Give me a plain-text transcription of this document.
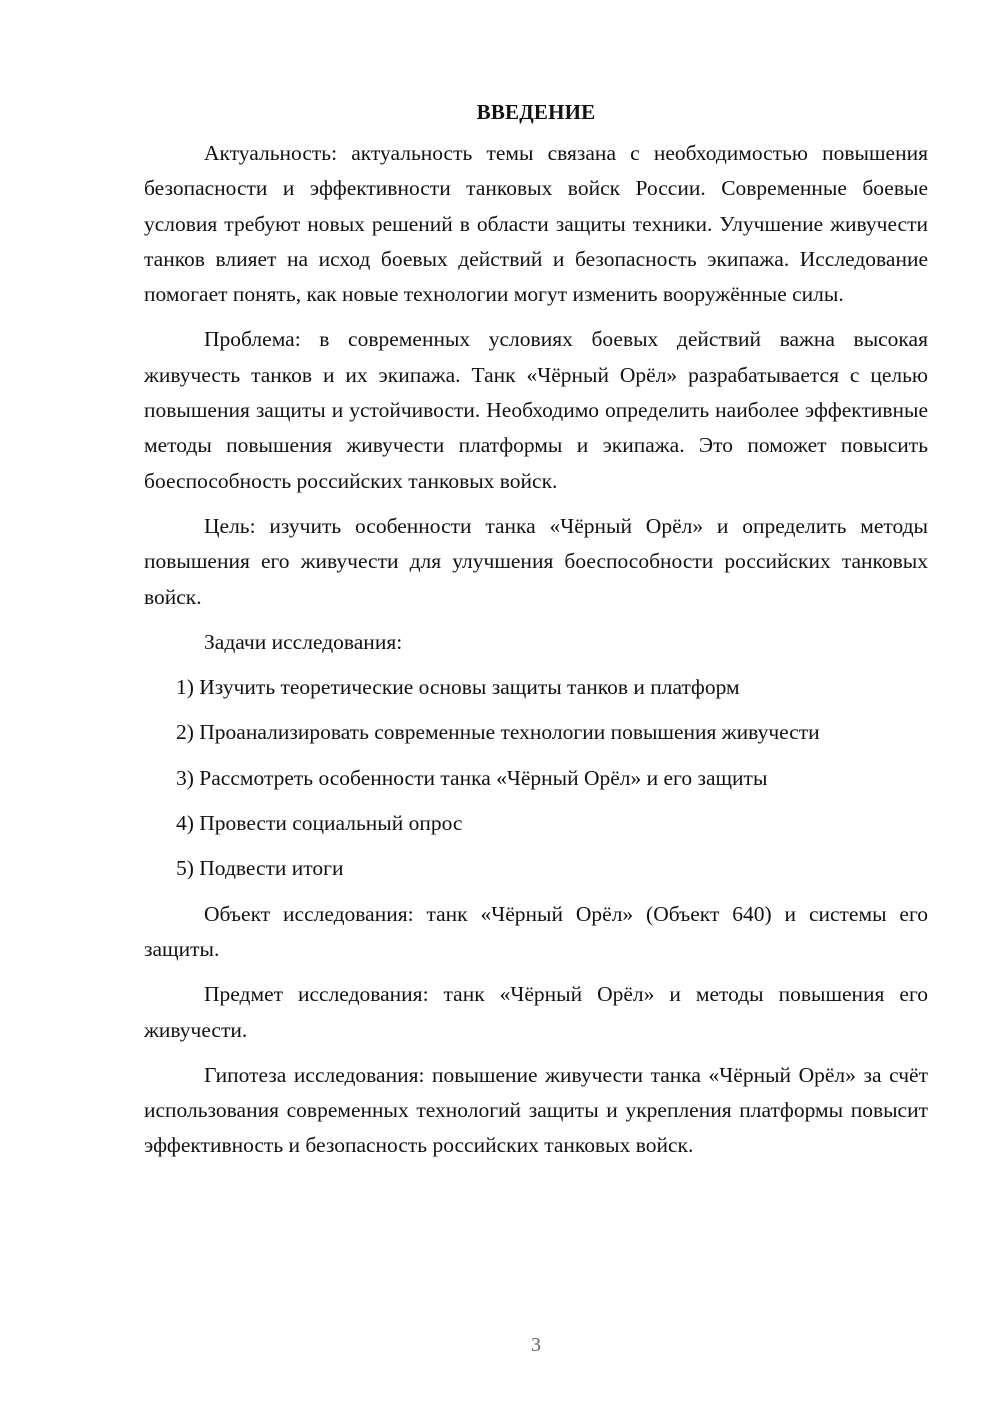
ВВЕДЕНИЕ

Актуальность: актуальность темы связана с необходимостью повышения безопасности и эффективности танковых войск России. Современные боевые условия требуют новых решений в области защиты техники. Улучшение живучести танков влияет на исход боевых действий и безопасность экипажа. Исследование помогает понять, как новые технологии могут изменить вооружённые силы.

Проблема: в современных условиях боевых действий важна высокая живучесть танков и их экипажа. Танк «Чёрный Орёл» разрабатывается с целью повышения защиты и устойчивости. Необходимо определить наиболее эффективные методы повышения живучести платформы и экипажа. Это поможет повысить боеспособность российских танковых войск.

Цель: изучить особенности танка «Чёрный Орёл» и определить методы повышения его живучести для улучшения боеспособности российских танковых войск.

Задачи исследования:

1) Изучить теоретические основы защиты танков и платформ
2) Проанализировать современные технологии повышения живучести
3) Рассмотреть особенности танка «Чёрный Орёл» и его защиты
4) Провести социальный опрос
5) Подвести итоги

Объект исследования: танк «Чёрный Орёл» (Объект 640) и системы его защиты.

Предмет исследования: танк «Чёрный Орёл» и методы повышения его живучести.

Гипотеза исследования: повышение живучести танка «Чёрный Орёл» за счёт использования современных технологий защиты и укрепления платформы повысит эффективность и безопасность российских танковых войск.

3
